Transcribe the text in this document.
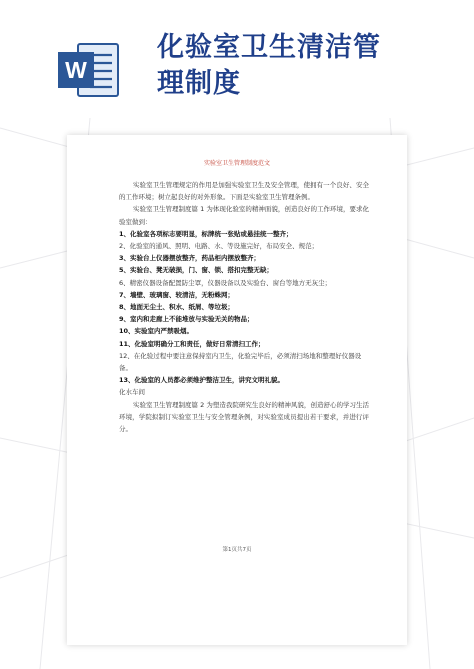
W
化验室卫生清洁管
理制度
实验室卫生管理制度范文

实验室卫生管理规定的作用是加强实验室卫生及安全管理，使拥有一个良好、安全的工作环境；树立起良好的对外形象。下面是实验室卫生管理条例。

实验室卫生管理制度篇 1 为体现化验室的精神面貌，创造良好的工作环境，要求化验室做到：

1、化验室各项标志要明显，标牌统一张贴或悬挂统一整齐；

2、化验室的通风、照明、电路、水、等设施完好，布局安全、规范；

3、实验台上仪器摆放整齐，药品柜内摆放整齐；

5、实验台、凳无破损，门、窗、锁、搭扣完整无缺；

6、精密仪器设备配置防尘罩，仪器设备以及实验台、窗台等地方无灰尘；

7、墙壁、玻璃窗、较清洁，无粉蛛网；

8、地面无尘土、积水、纸屑、等垃圾；

9、室内和走廊上不能堆放与实验无关的物品；

10、实验室内严禁吸烟。

11、化验室明确分工和责任，做好日常清扫工作；

12、在化验过程中要注意保持室内卫生，化验完毕后，必须清扫场地和整理好仪器设备。

13、化验室的人员都必须维护整洁卫生，讲究文明礼貌。

化水车间

实验室卫生管理制度篇 2 为塑造我院研究生良好的精神风貌，创造舒心的学习生活环境，学院拟制订实验室卫生与安全管理条例，对实验室成员提出若干要求，并进行评分。

第1页共7页
